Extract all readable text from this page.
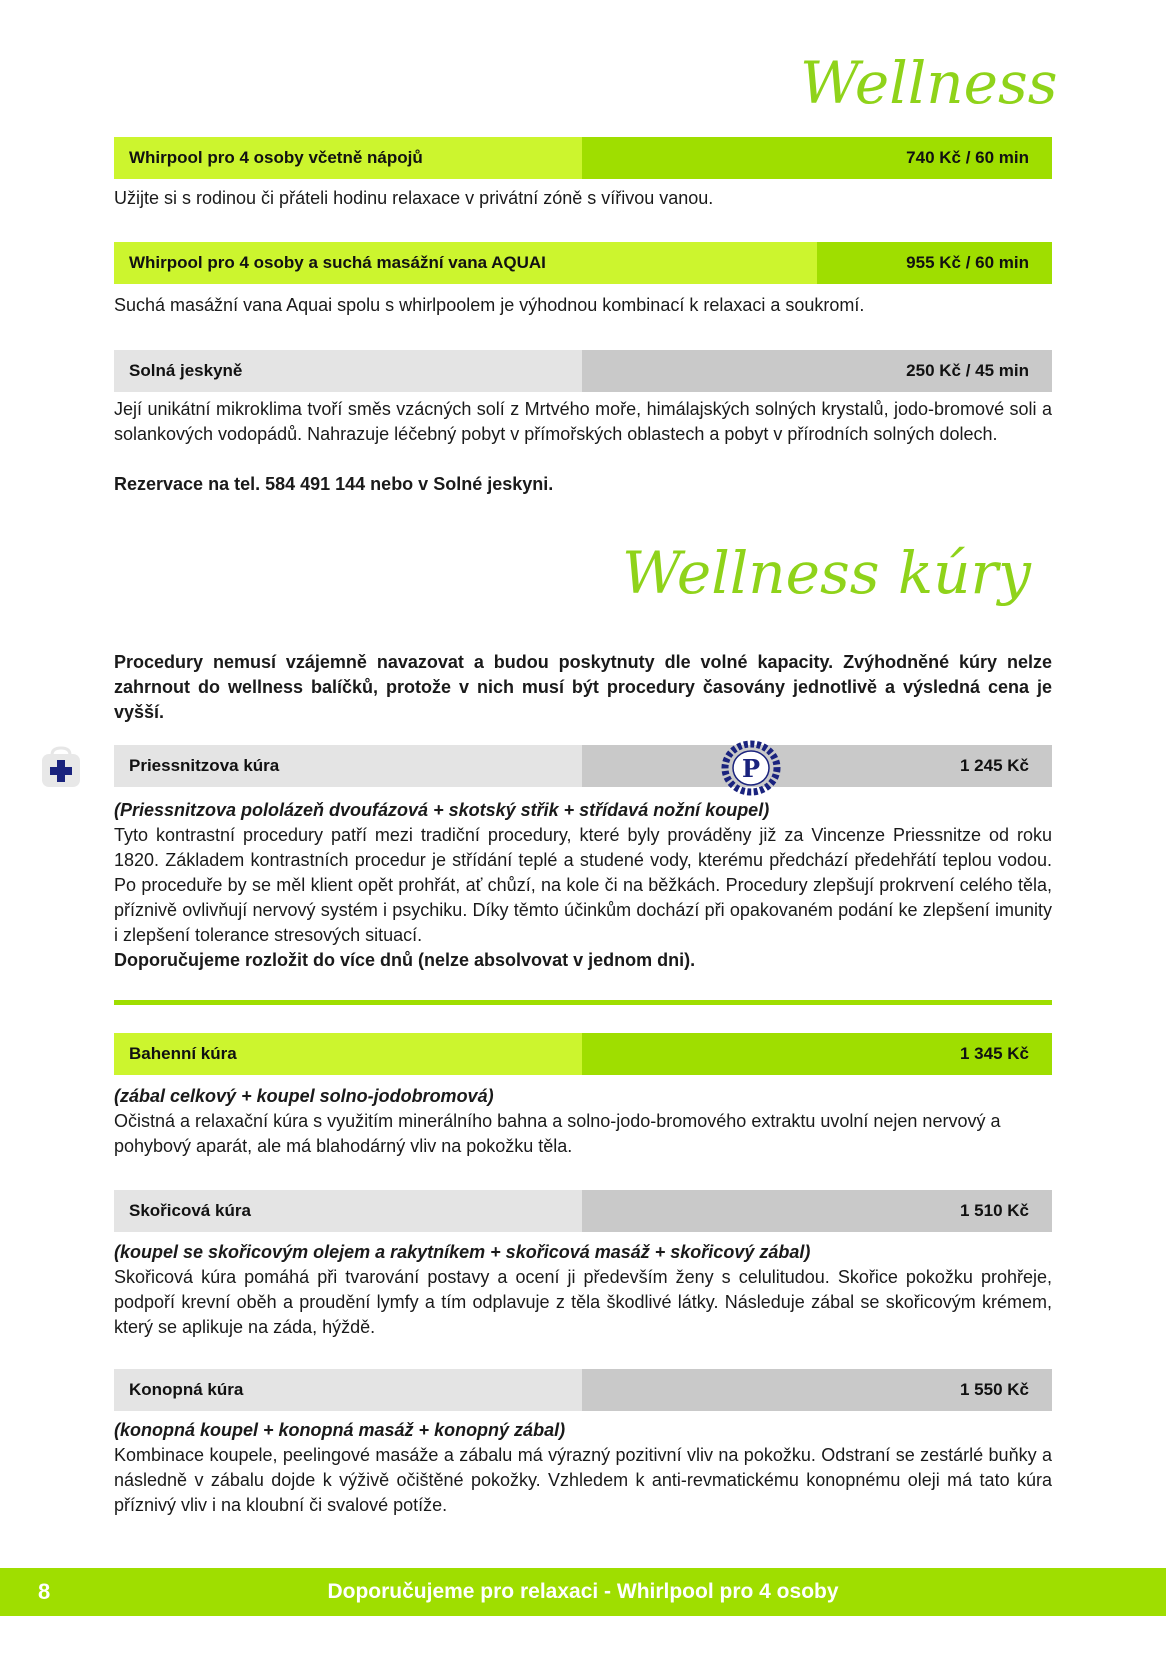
Wellness
Whirpool pro 4 osoby včetně nápojů	740 Kč / 60 min
Užijte si s rodinou či přáteli hodinu relaxace v privátní zóně s vířivou vanou.
Whirpool pro 4 osoby a suchá masážní vana AQUAI	955 Kč / 60 min
Suchá masážní vana Aquai spolu s whirlpoolem je výhodnou kombinací k relaxaci a soukromí.
Solná jeskyně	250 Kč / 45 min
Její unikátní mikroklima tvoří směs vzácných solí z Mrtvého moře, himálajských solných krystalů, jodo-bromové soli a solankových vodopádů. Nahrazuje léčebný pobyt v přímořských oblastech a pobyt v přírodních solných dolech.
Rezervace na tel. 584 491 144 nebo v Solné jeskyni.
Wellness kúry
Procedury nemusí vzájemně navazovat a budou poskytnuty dle volné kapacity. Zvýhodněné kúry nelze zahrnout do wellness balíčků, protože v nich musí být procedury časovány jednotlivě a výsledná cena je vyšší.
Priessnitzova kúra	1 245 Kč
P
(Priessnitzova pololázeň dvoufázová + skotský střik + střídavá nožní koupel)
Tyto kontrastní procedury patří mezi tradiční procedury, které byly prováděny již za Vincenze Priessnitze od roku 1820. Základem kontrastních procedur je střídání teplé a studené vody, kterému předchází předehřátí teplou vodou. Po proceduře by se měl klient opět prohřát, ať chůzí, na kole či na běžkách. Procedury zlepšují prokrvení celého těla, příznivě ovlivňují nervový systém i psychiku. Díky těmto účinkům dochází při opakovaném podání ke zlepšení imunity i zlepšení tolerance stresových situací.
Doporučujeme rozložit do více dnů (nelze absolvovat v jednom dni).
Bahenní kúra	1 345 Kč
(zábal celkový + koupel solno-jodobromová)
Očistná a relaxační kúra s využitím minerálního bahna a solno-jodo-bromového extraktu uvolní nejen nervový a pohybový aparát, ale má blahodárný vliv na pokožku těla.
Skořicová kúra	1 510 Kč
(koupel se skořicovým olejem a rakytníkem + skořicová masáž + skořicový zábal)
Skořicová kúra pomáhá při tvarování postavy a ocení ji především ženy s celulitudou. Skořice pokožku prohřeje, podpoří krevní oběh a proudění lymfy a tím odplavuje z těla škodlivé látky. Následuje zábal se skořicovým krémem, který se aplikuje na záda, hýždě.
Konopná kúra	1 550 Kč
(konopná koupel + konopná masáž + konopný zábal)
Kombinace koupele, peelingové masáže a zábalu má výrazný pozitivní vliv na pokožku. Odstraní se zestárlé buňky a následně v zábalu dojde k výživě očištěné pokožky. Vzhledem k anti-revmatickému konopnému oleji má tato kúra příznivý vliv i na kloubní či svalové potíže.
8	Doporučujeme pro relaxaci - Whirlpool pro 4 osoby
